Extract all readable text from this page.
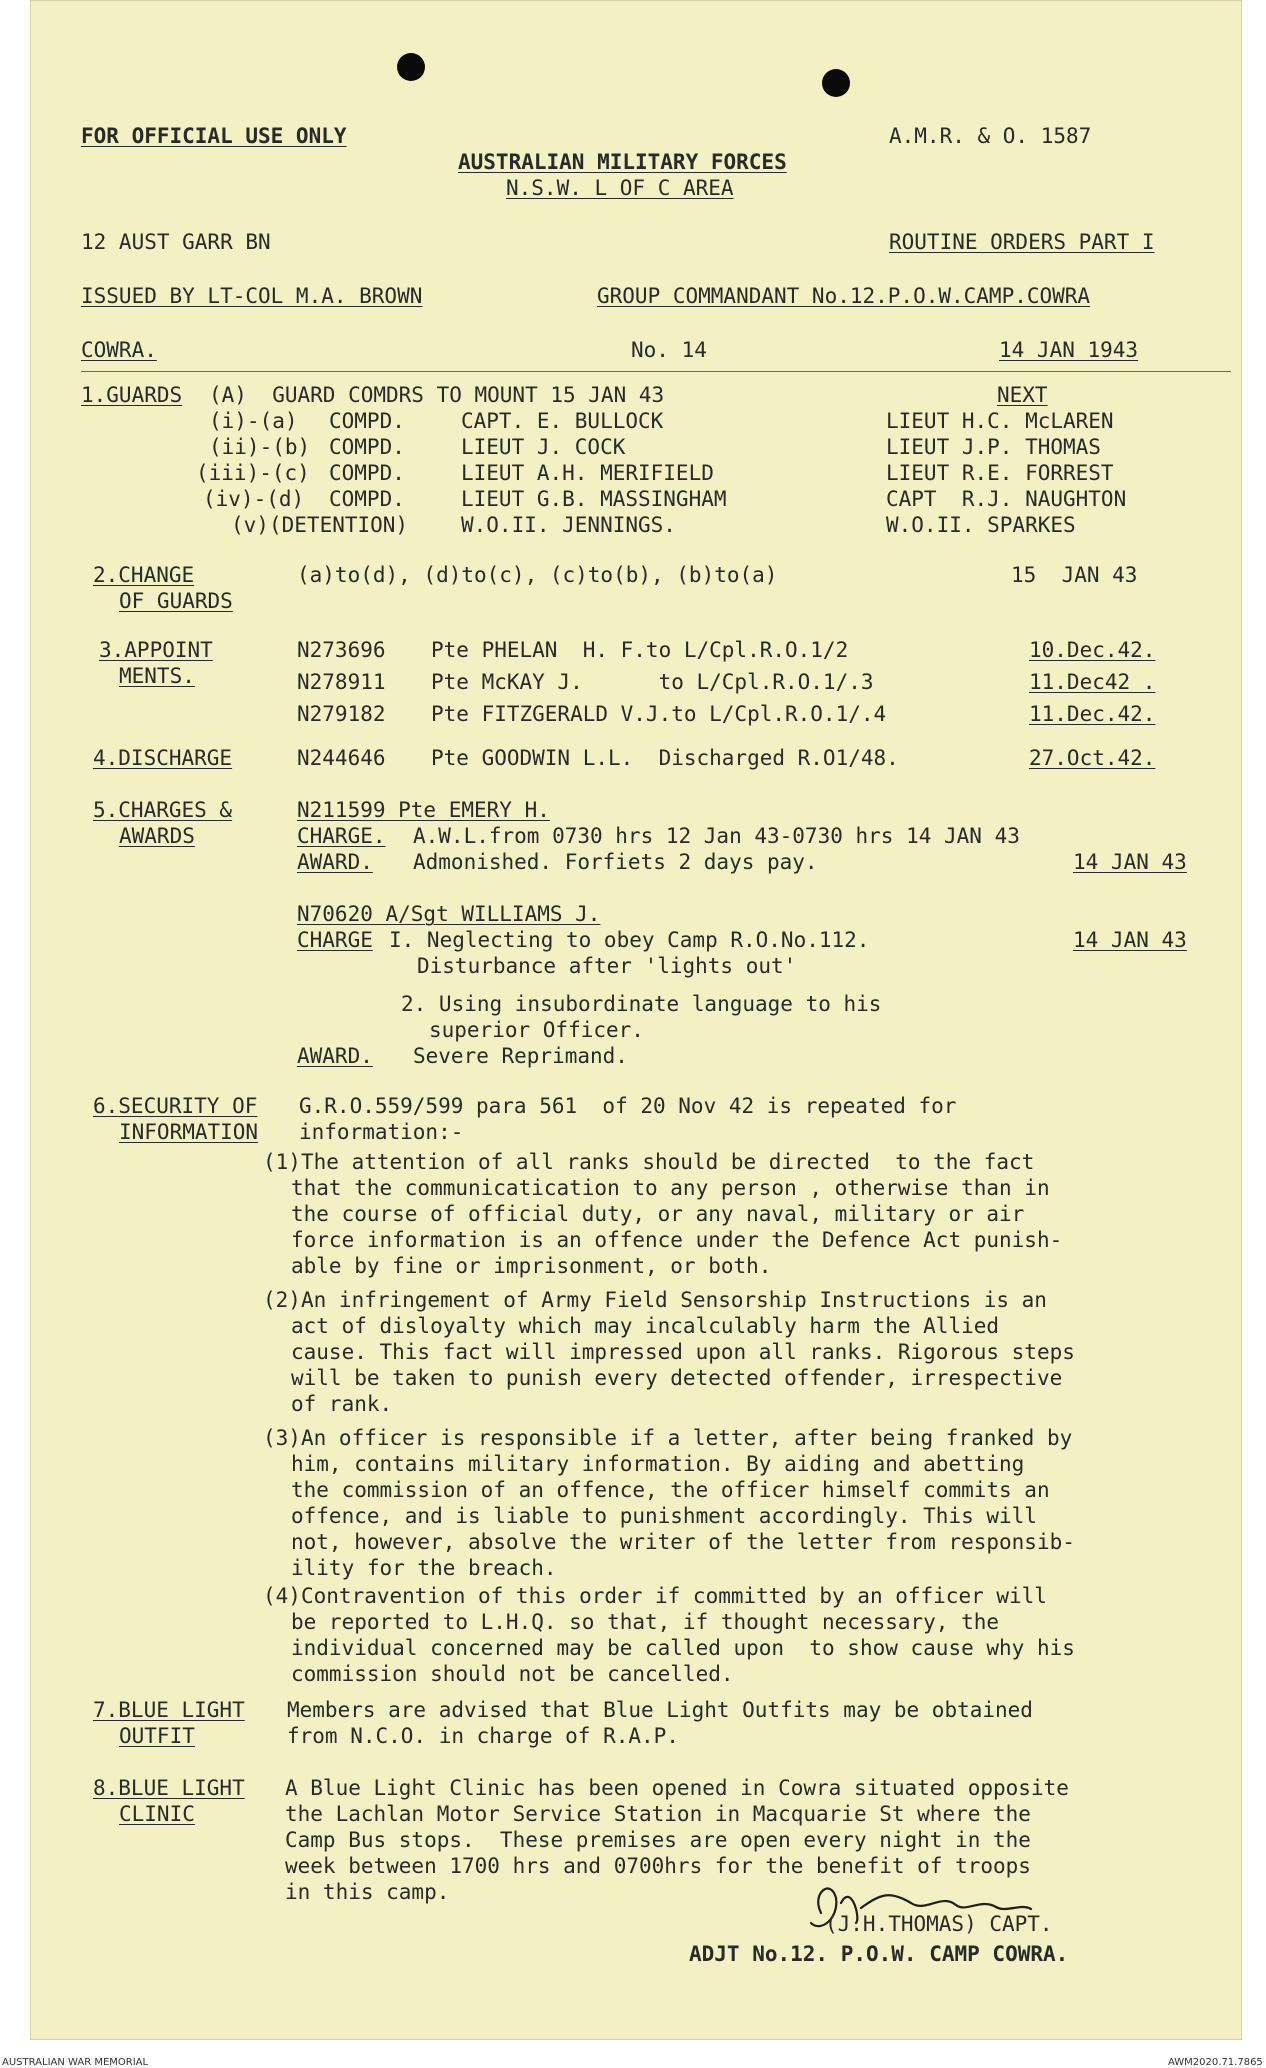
FOR OFFICIAL USE ONLY	A.M.R. & O. 1587

AUSTRALIAN MILITARY FORCES

N.S.W. L OF C AREA

12 AUST GARR BN	ROUTINE ORDERS PART I

ISSUED BY LT-COL M.A. BROWN	GROUP COMMANDANT No.12.P.O.W.CAMP.COWRA

COWRA.	No. 14	14 JAN 1943

1.GUARDS (A)  GUARD COMDRS TO MOUNT 15 JAN 43	NEXT

(i)-(a) COMPD.	CAPT. E. BULLOCK	LIEUT H.C. McLAREN

(ii)-(b) COMPD.	LIEUT J. COCK	LIEUT J.P. THOMAS

(iii)-(c) COMPD.	LIEUT A.H. MERIFIELD	LIEUT R.E. FORREST

(iv)-(d) COMPD.	LIEUT G.B. MASSINGHAM	CAPT  R.J. NAUGHTON

(v) (DETENTION)	W.O.II. JENNINGS.	W.O.II. SPARKES

2.CHANGE

OF GUARDS

(a)to(d), (d)to(c), (c)to(b), (b)to(a)	15  JAN 43

3.APPOINT

MENTS.

N273696 Pte PHELAN  H. F.to L/Cpl.R.O.1/2	10.Dec.42.

N278911 Pte McKAY J.      to L/Cpl.R.O.1/.3	11.Dec42 .

N279182 Pte FITZGERALD V.J.to L/Cpl.R.O.1/.4	11.Dec.42.

4.DISCHARGE	N244646 Pte GOODWIN L.L.  Discharged R.O1/48.	27.Oct.42.

5.CHARGES &

AWARDS

N211599 Pte EMERY H.

CHARGE. A.W.L.from 0730 hrs 12 Jan 43-0730 hrs 14 JAN 43

AWARD. Admonished. Forfiets 2 days pay.	14 JAN 43

N70620 A/Sgt WILLIAMS J.

CHARGE I. Neglecting to obey Camp R.O.No.112.	14 JAN 43

Disturbance after 'lights out'

2. Using insubordinate language to his

superior Officer.

AWARD. Severe Reprimand.

6.SECURITY OF

INFORMATION

G.R.O.559/599 para 561  of 20 Nov 42 is repeated for

information:-

(1) The attention of all ranks should be directed  to the fact

that the communicatication to any person , otherwise than in

the course of official duty, or any naval, military or air

force information is an offence under the Defence Act punish-

able by fine or imprisonment, or both.

(2) An infringement of Army Field Sensorship Instructions is an

act of disloyalty which may incalculably harm the Allied

cause. This fact will impressed upon all ranks. Rigorous steps

will be taken to punish every detected offender, irrespective

of rank.

(3) An officer is responsible if a letter, after being franked by

him, contains military information. By aiding and abetting

the commission of an offence, the officer himself commits an

offence, and is liable to punishment accordingly. This will

not, however, absolve the writer of the letter from responsib-

ility for the breach.

(4) Contravention of this order if committed by an officer will

be reported to L.H.Q. so that, if thought necessary, the

individual concerned may be called upon  to show cause why his

commission should not be cancelled.

7.BLUE LIGHT

OUTFIT

Members are advised that Blue Light Outfits may be obtained

from N.C.O. in charge of R.A.P.

8.BLUE LIGHT

CLINIC

A Blue Light Clinic has been opened in Cowra situated opposite

the Lachlan Motor Service Station in Macquarie St where the

Camp Bus stops.  These premises are open every night in the

week between 1700 hrs and 0700hrs for the benefit of troops

in this camp.

(J.H.THOMAS) CAPT.

ADJT No.12. P.O.W. CAMP COWRA.

AUSTRALIAN WAR MEMORIAL	AWM2020.71.7865
